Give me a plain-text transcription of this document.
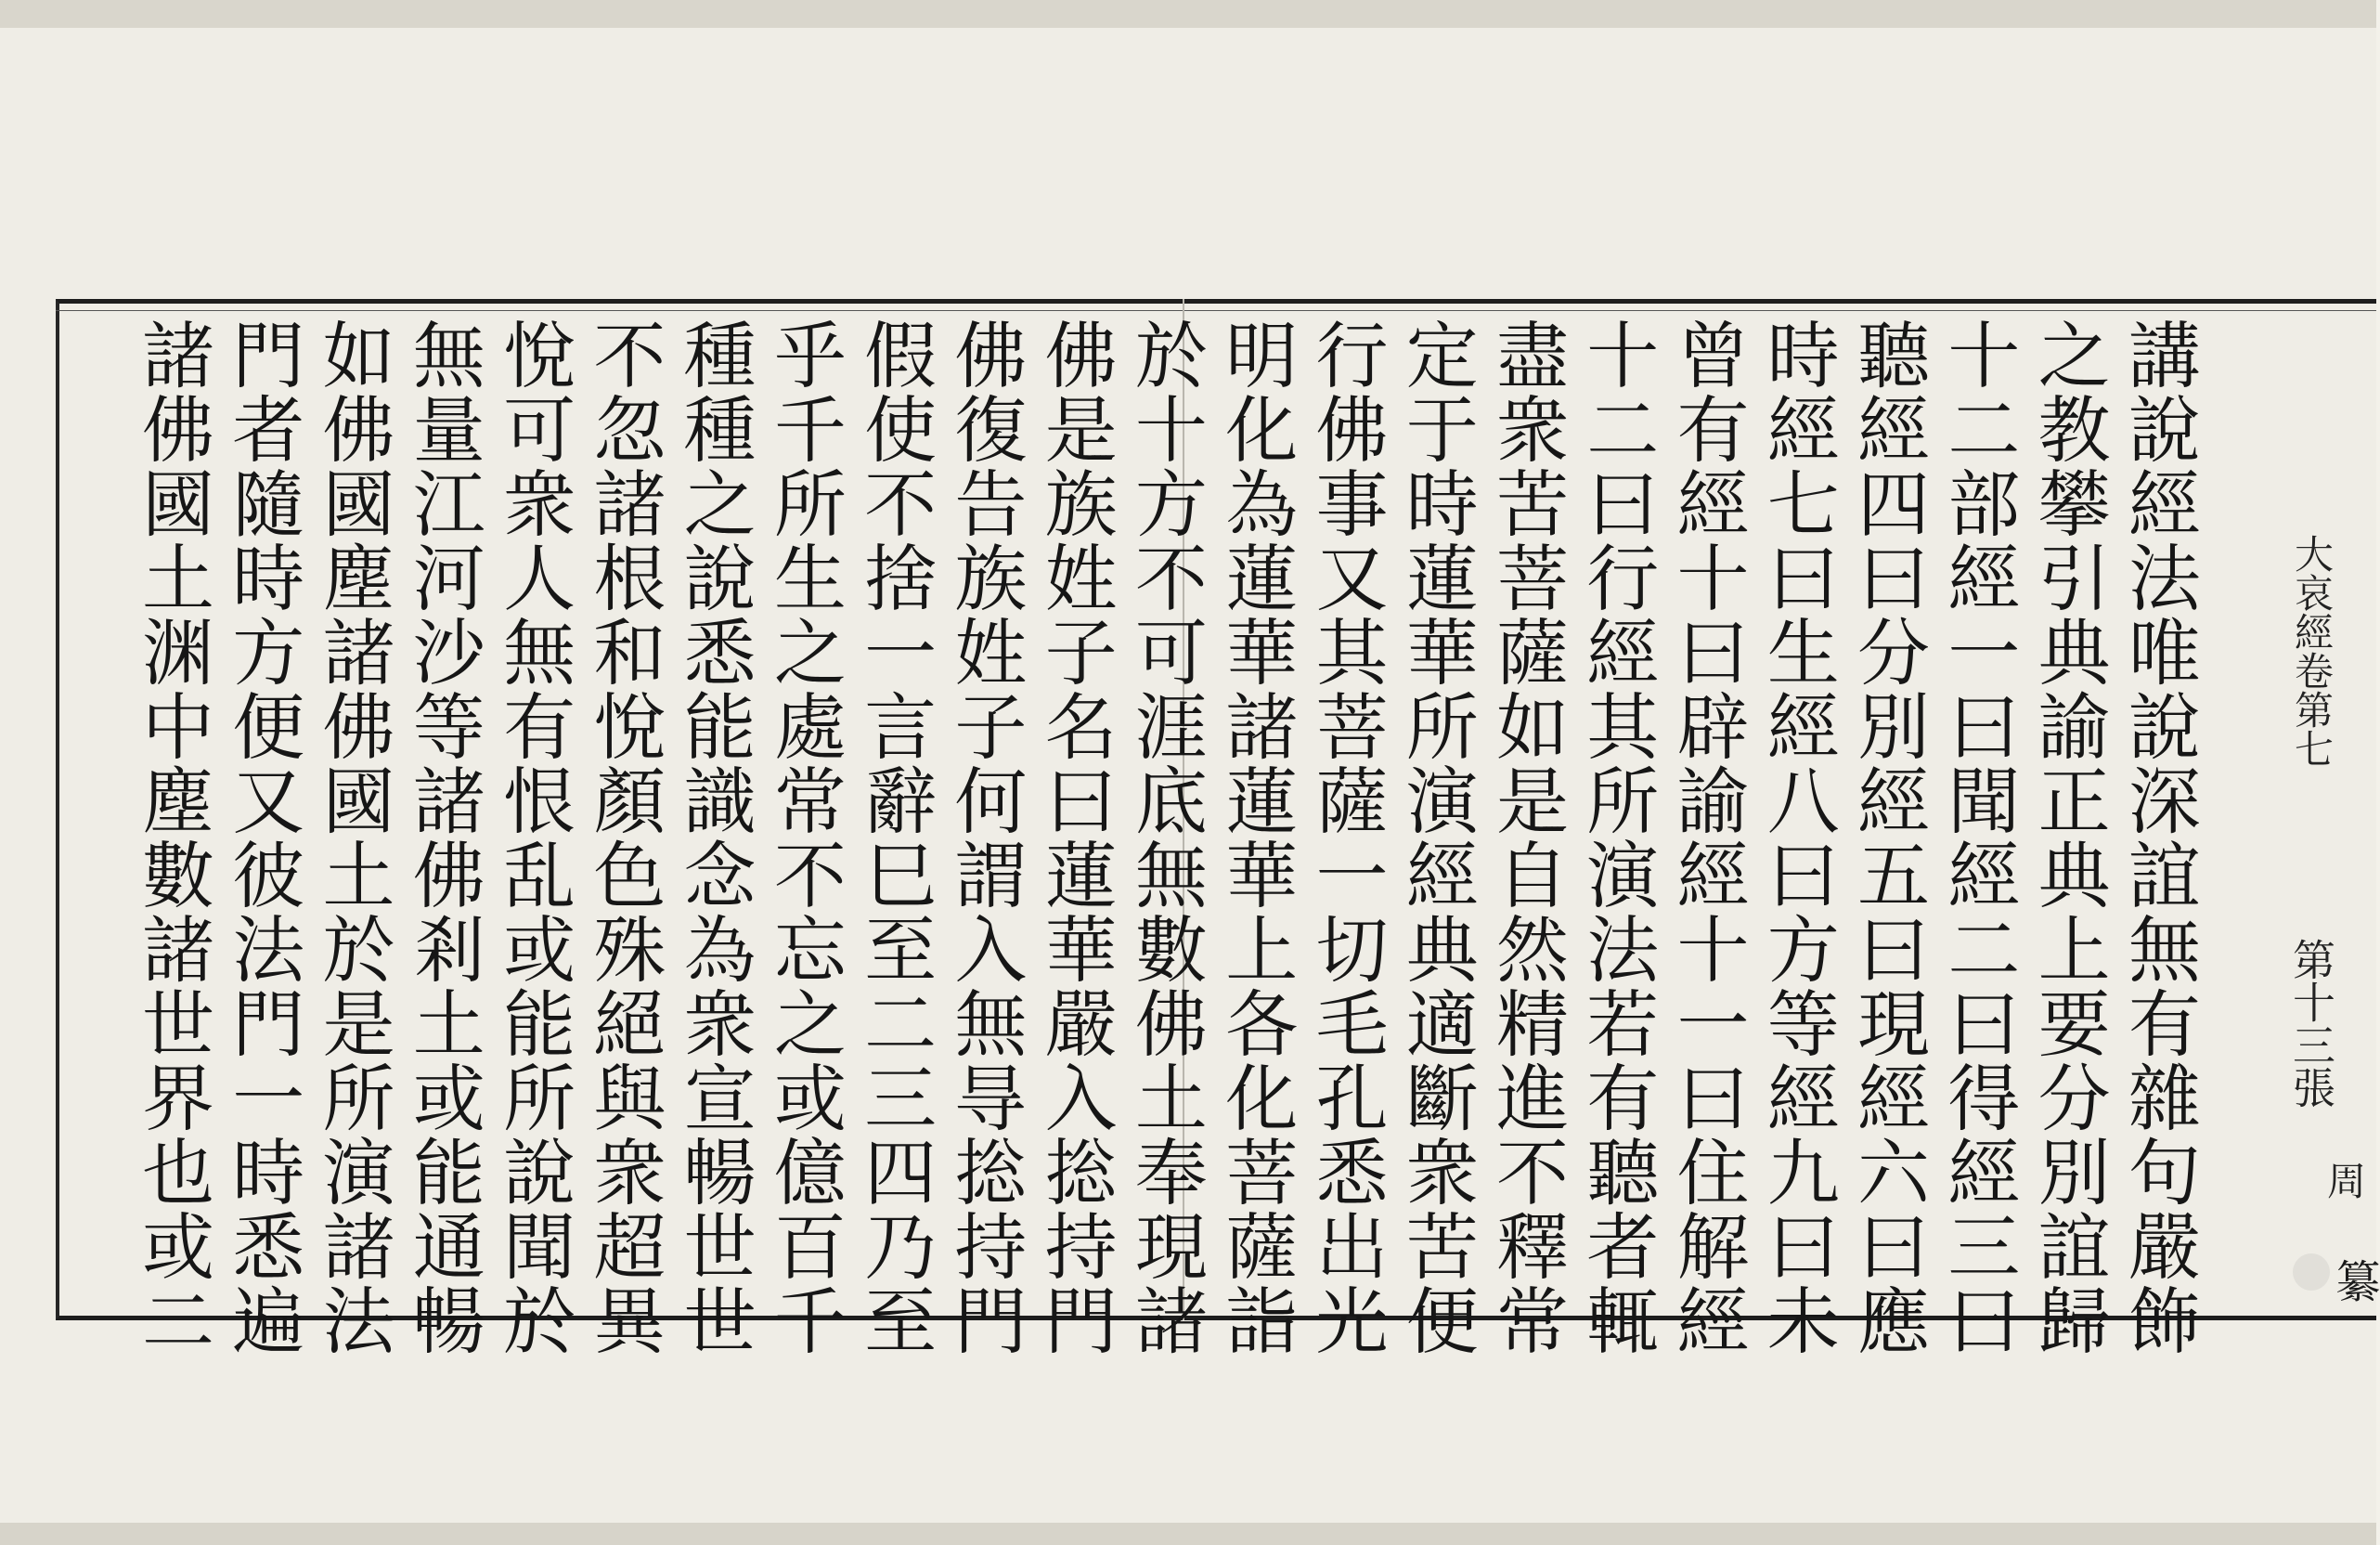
講說經法唯說深誼無有雜句嚴飾
之教攀引典諭正典上要分別誼歸
十二部經一曰聞經二曰得經三曰
聽經四曰分別經五曰現經六曰應
時經七曰生經八曰方等經九曰未
曾有經十曰辟諭經十一曰住解經
十二曰行經其所演法若有聽者輒
盡衆苦菩薩如是自然精進不釋常
定于時蓮華所演經典適斷衆苦便
行佛事又其菩薩一切毛孔悉出光
明化為蓮華諸蓮華上各化菩薩詣
於十方不可涯底無數佛土奉現諸
佛是族姓子名曰蓮華嚴入捴持門
佛復告族姓子何謂入無㝵捴持門
假使不捨一言辭巳至二三四乃至
乎千所生之處常不忘之或億百千
種種之說悉能識念為衆宣暢世世
不忽諸根和悅顏色殊絕與衆超異
悅可衆人無有恨乱或能所說聞於
無量江河沙等諸佛剎土或能通暢
如佛國塵諸佛國土於是所演諸法
門者隨時方便又彼法門一時悉遍
諸佛國土渊中塵數諸世界也或二	大哀經卷第七
第十三張
周
纂
